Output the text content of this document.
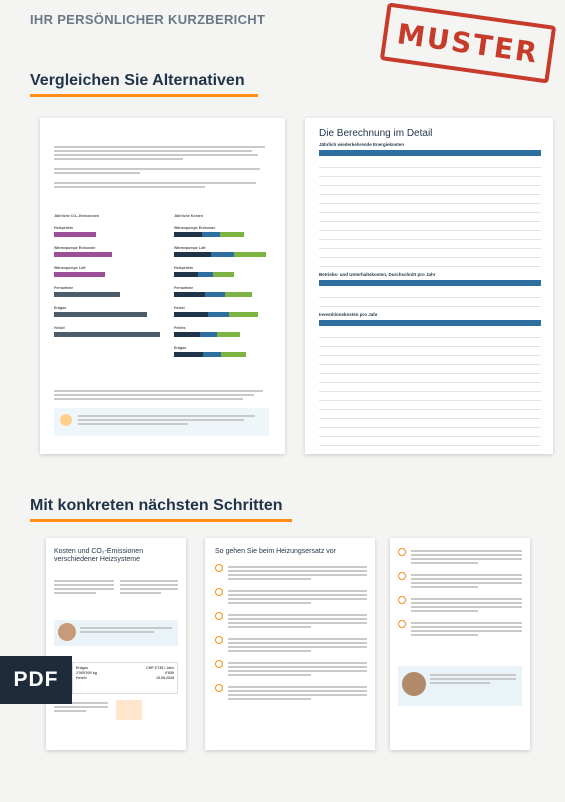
IHR PERSÖNLICHER KURZBERICHT	MUSTER
Vergleichen Sie Alternativen
Jährliche CO₂-Emissionen	Jährliche Kosten
Holzpellets
Wärmepumpe Erdsonde
Wärmepumpe Luft
Fernwärme
Erdgas
Heizöl
Wärmepumpe Erdsonde
Wärmepumpe Luft
Holzpellets
Fernwärme
Heizöl
Pellets
Erdgas
Die Berechnung im Detail
Jährlich wiederkehrende Energiekosten

Betriebs- und Unterhaltskosten, Durchschnitt pro Jahr

Investitionskosten pro Jahr

Mit konkreten nächsten Schritten
Kosten und CO₂-Emissionen verschiedener Heizsysteme
Erdgas	CHF 3'735 / Jahr
2'065'000 kg	6'830
Heizöl	15.08.2028
So gehen Sie beim Heizungsersatz vor
PDF
